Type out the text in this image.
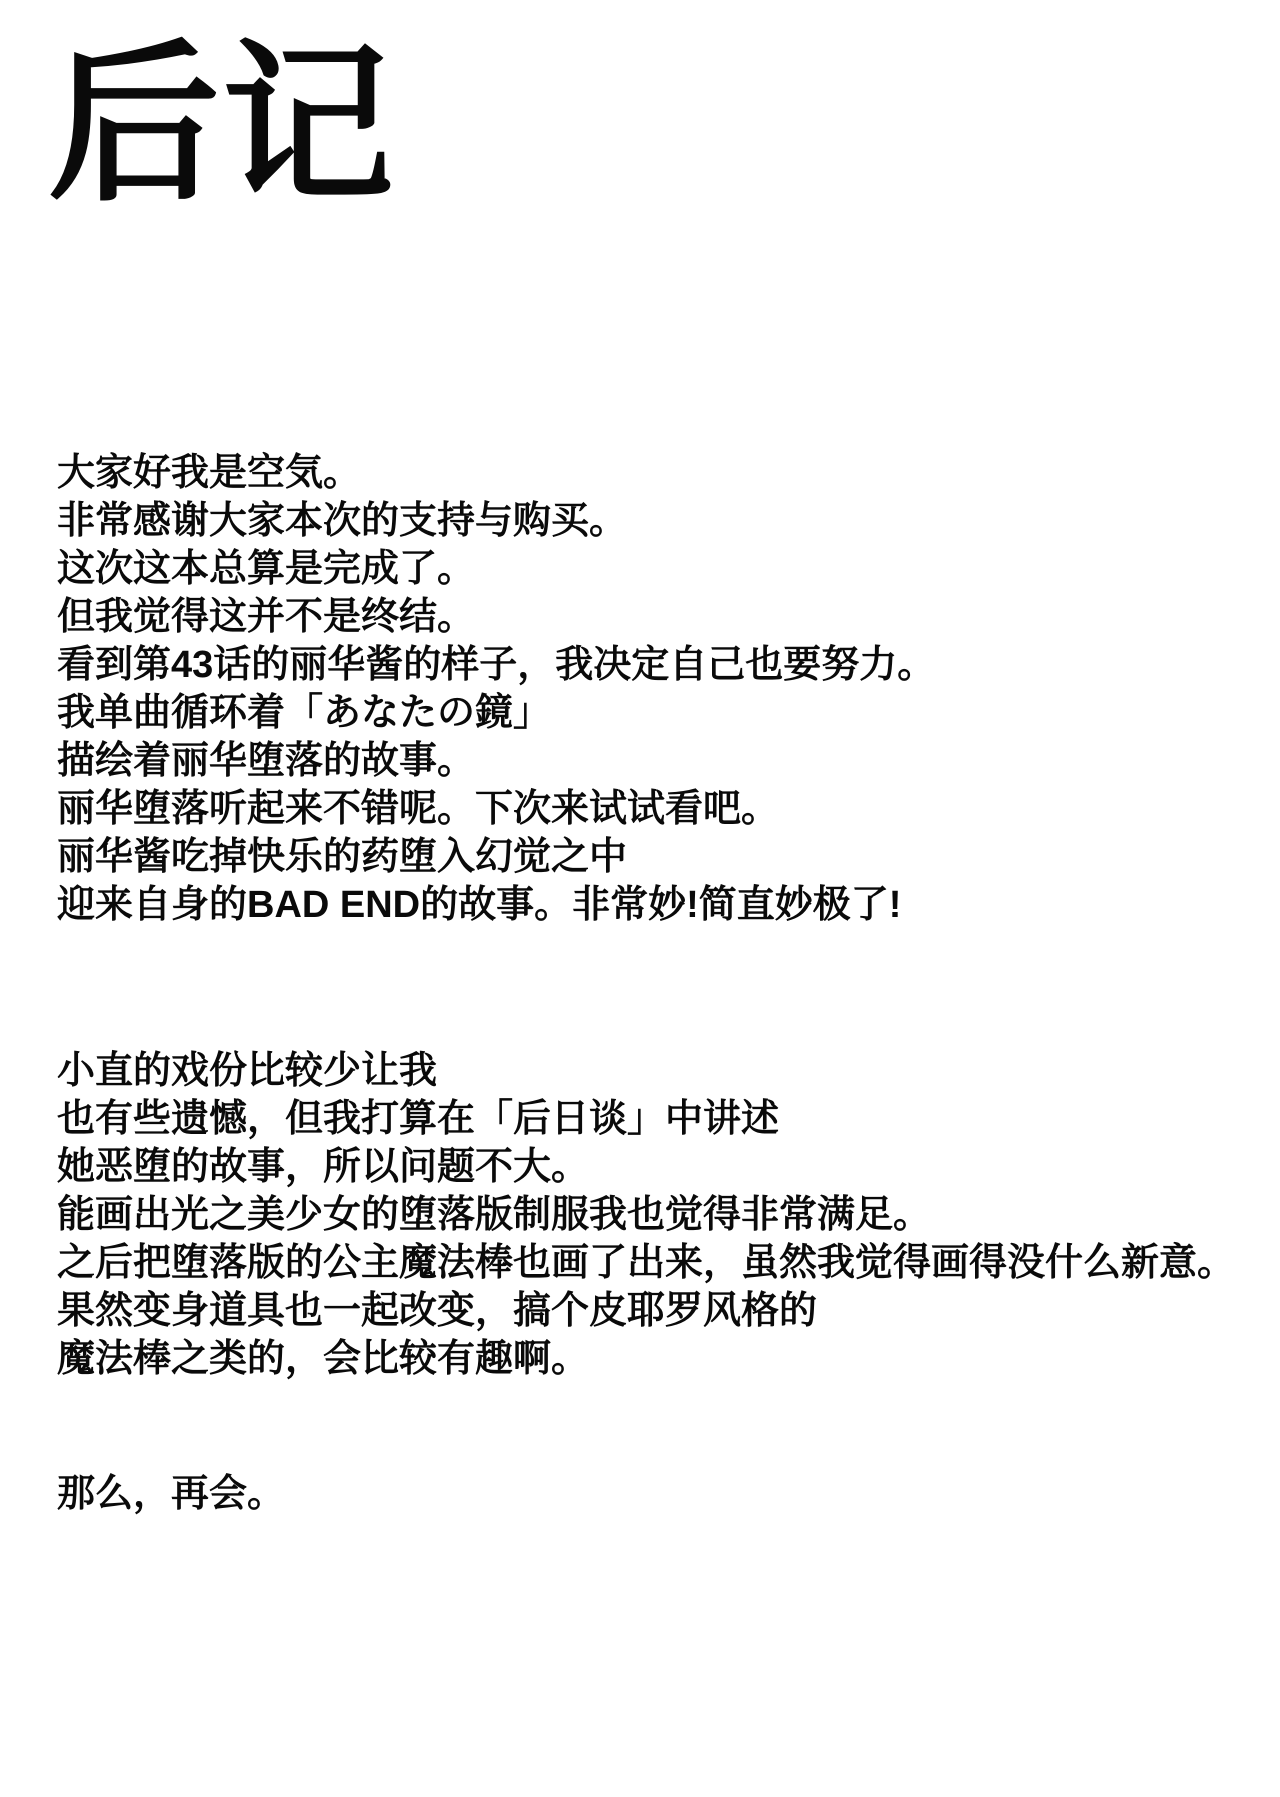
后记
大家好我是空気。
非常感谢大家本次的支持与购买。
这次这本总算是完成了。
但我觉得这并不是终结。
看到第43话的丽华酱的样子，我决定自己也要努力。
我单曲循环着「あなたの鏡」
描绘着丽华堕落的故事。
丽华堕落听起来不错呢。下次来试试看吧。
丽华酱吃掉快乐的药堕入幻觉之中
迎来自身的BAD END的故事。非常妙!简直妙极了!
小直的戏份比较少让我
也有些遗憾，但我打算在「后日谈」中讲述
她恶堕的故事，所以问题不大。
能画出光之美少女的堕落版制服我也觉得非常满足。
之后把堕落版的公主魔法棒也画了出来，虽然我觉得画得没什么新意。
果然变身道具也一起改变，搞个皮耶罗风格的
魔法棒之类的，会比较有趣啊。
那么，再会。
